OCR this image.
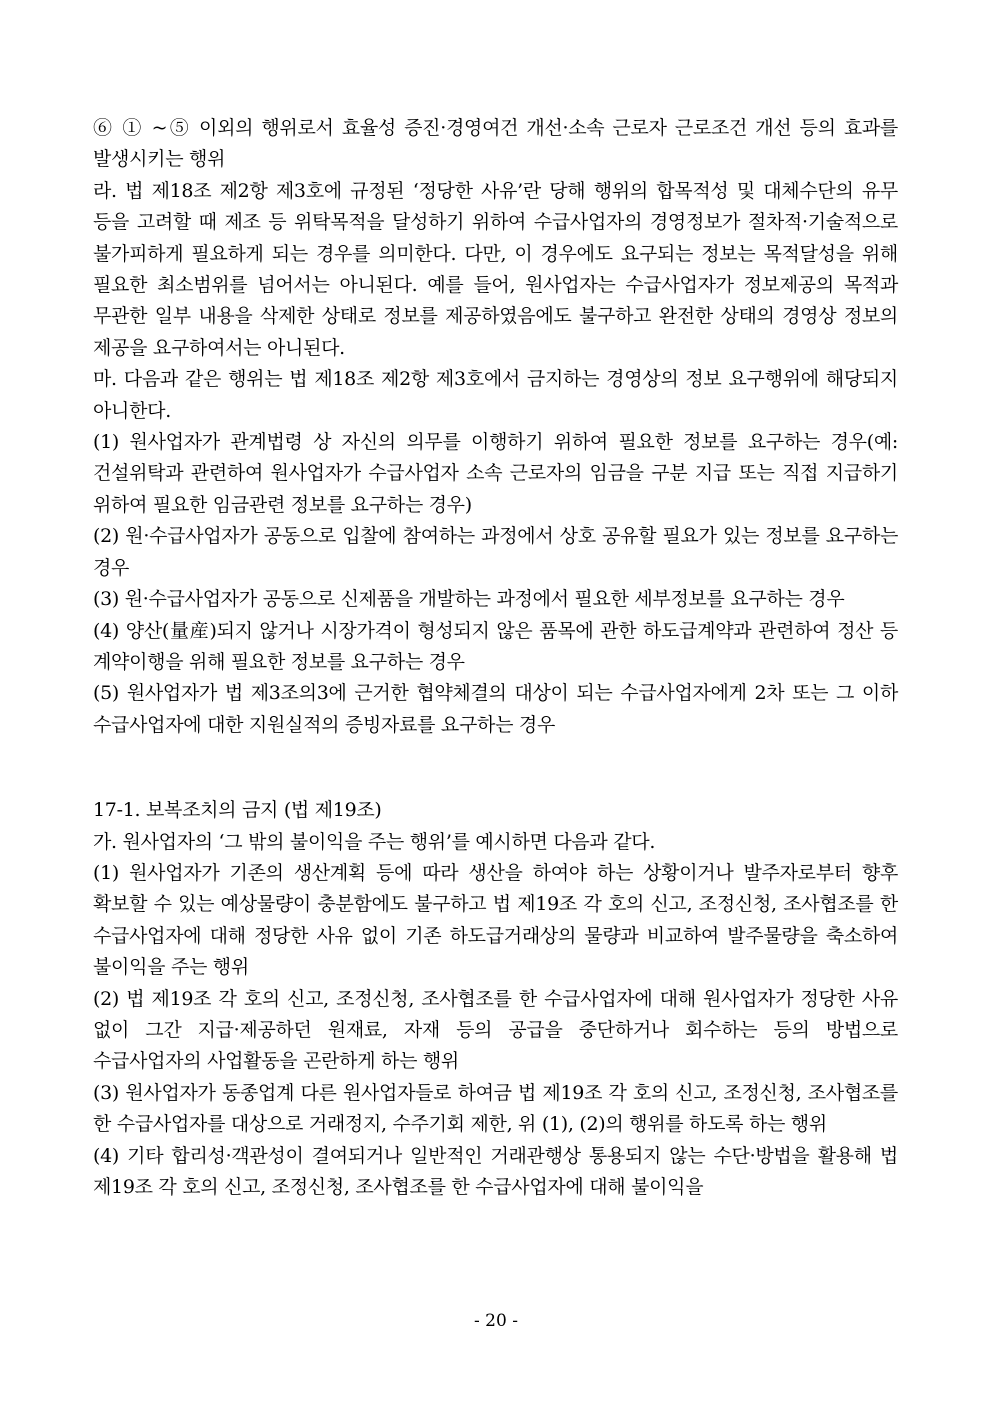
⑥ ① ~⑤ 이외의 행위로서 효율성 증진·경영여건 개선·소속 근로자 근로조건 개선 등의 효과를 발생시키는 행위

라. 법 제18조 제2항 제3호에 규정된 ‘정당한 사유’란 당해 행위의 합목적성 및 대체수단의 유무 등을 고려할 때 제조 등 위탁목적을 달성하기 위하여 수급사업자의 경영정보가 절차적·기술적으로 불가피하게 필요하게 되는 경우를 의미한다. 다만, 이 경우에도 요구되는 정보는 목적달성을 위해 필요한 최소범위를 넘어서는 아니된다. 예를 들어, 원사업자는 수급사업자가 정보제공의 목적과 무관한 일부 내용을 삭제한 상태로 정보를 제공하였음에도 불구하고 완전한 상태의 경영상 정보의 제공을 요구하여서는 아니된다.

마. 다음과 같은 행위는 법 제18조 제2항 제3호에서 금지하는 경영상의 정보 요구행위에 해당되지 아니한다.

(1) 원사업자가 관계법령 상 자신의 의무를 이행하기 위하여 필요한 정보를 요구하는 경우(예: 건설위탁과 관련하여 원사업자가 수급사업자 소속 근로자의 임금을 구분 지급 또는 직접 지급하기 위하여 필요한 임금관련 정보를 요구하는 경우)

(2) 원·수급사업자가 공동으로 입찰에 참여하는 과정에서 상호 공유할 필요가 있는 정보를 요구하는 경우

(3) 원·수급사업자가 공동으로 신제품을 개발하는 과정에서 필요한 세부정보를 요구하는 경우

(4) 양산(量産)되지 않거나 시장가격이 형성되지 않은 품목에 관한 하도급계약과 관련하여 정산 등 계약이행을 위해 필요한 정보를 요구하는 경우

(5) 원사업자가 법 제3조의3에 근거한 협약체결의 대상이 되는 수급사업자에게 2차 또는 그 이하 수급사업자에 대한 지원실적의 증빙자료를 요구하는 경우

17-1. 보복조치의 금지 (법 제19조)

가. 원사업자의 ‘그 밖의 불이익을 주는 행위’를 예시하면 다음과 같다.

(1) 원사업자가 기존의 생산계획 등에 따라 생산을 하여야 하는 상황이거나 발주자로부터 향후 확보할 수 있는 예상물량이 충분함에도 불구하고 법 제19조 각 호의 신고, 조정신청, 조사협조를 한 수급사업자에 대해 정당한 사유 없이 기존 하도급거래상의 물량과 비교하여 발주물량을 축소하여 불이익을 주는 행위

(2) 법 제19조 각 호의 신고, 조정신청, 조사협조를 한 수급사업자에 대해 원사업자가 정당한 사유 없이 그간 지급·제공하던 원재료, 자재 등의 공급을 중단하거나 회수하는 등의 방법으로 수급사업자의 사업활동을 곤란하게 하는 행위

(3) 원사업자가 동종업계 다른 원사업자들로 하여금 법 제19조 각 호의 신고, 조정신청, 조사협조를 한 수급사업자를 대상으로 거래정지, 수주기회 제한, 위 (1), (2)의 행위를 하도록 하는 행위

(4) 기타 합리성·객관성이 결여되거나 일반적인 거래관행상 통용되지 않는 수단·방법을 활용해 법 제19조 각 호의 신고, 조정신청, 조사협조를 한 수급사업자에 대해 불이익을

- 20 -
